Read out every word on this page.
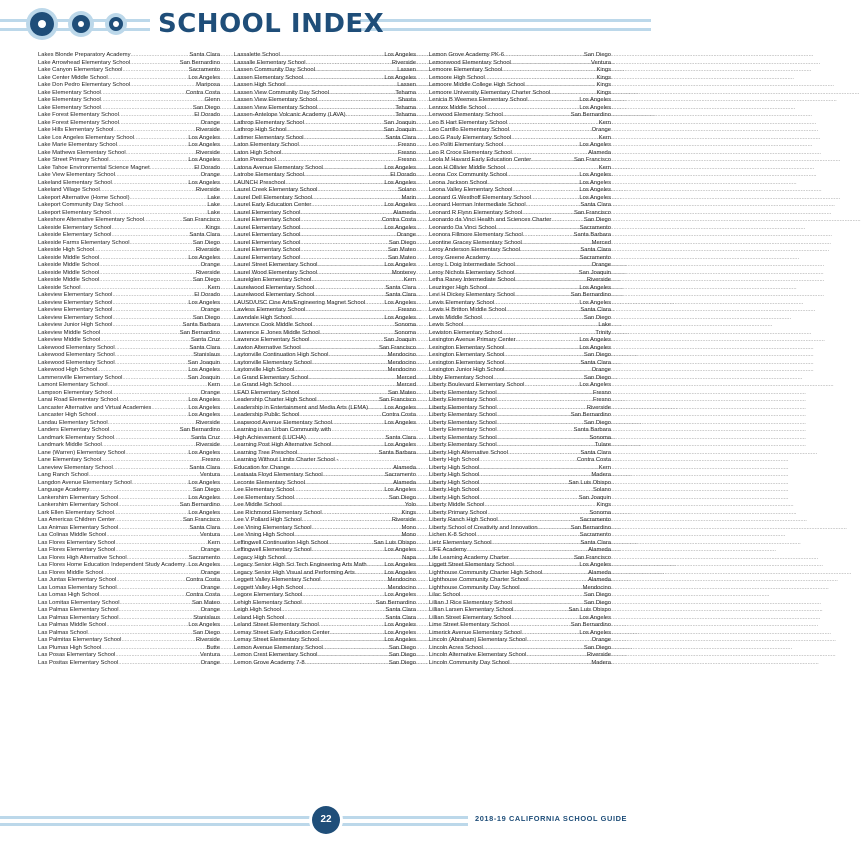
SCHOOL INDEX
Lakes Blonde Preparatory Academy .....	Santa Clara
Lake Arrowhead Elementary School .....	San Bernardino
Lake Canyon Elementary School .....	Sacramento
Lake Center Middle School .....	Los Angeles
Lake Don Pedro Elementary School .....	Mariposa
Lake Elementary School .....	Contra Costa
Lake Elementary School .....	Glenn
Lake Elementary School .....	San Diego
Lake Forest Elementary School .....	El Dorado
Lake Forest Elementary School .....	Orange
Lake Hills Elementary School .....	Riverside
Lake Los Angeles Elementary School .....	Los Angeles
Lake Marie Elementary School .....	Los Angeles
Lake Mathews Elementary School .....	Riverside
Lake Street Primary School .....	Los Angeles
Lake Tahoe Environmental Science Magnet .....	El Dorado
Lake View Elementary School .....	Orange
Lakeland Elementary School .....	Los Angeles
Lakeland Village School .....	Riverside
Lakeport Alternative (Home School) .....	Lake
Lakeport Community Day School .....	Lake
Lakeport Elementary School .....	Lake
Lakeshore Alternative Elementary School .....	San Francisco
Lakeside Elementary School .....	Kings
Lakeside Elementary School .....	Santa Clara
Lakeside Farms Elementary School .....	San Diego
Lakeside High School .....	Riverside
Lakeside Middle School .....	Los Angeles
Lakeside Middle School .....	Orange
Lakeside Middle School .....	Riverside
Lakeside Middle School .....	San Diego
Lakeside School .....	Kern
Lakeview Elementary School .....	El Dorado
Lakeview Elementary School .....	Los Angeles
Lakeview Elementary School .....	Orange
Lakeview Elementary School .....	San Diego
Lakeview Junior High School .....	Santa Barbara
Lakeview Middle School .....	San Bernardino
Lakeview Middle School .....	Santa Cruz
Lakewood Elementary School .....	Santa Clara
Lakewood Elementary School .....	Stanislaus
Lakewood Elementary School .....	San Joaquin
Lakewood High School .....	Los Angeles
Lammersville Elementary School .....	San Joaquin
Lamont Elementary School .....	Kern
Lampson Elementary School .....	Orange
Lanai Road Elementary School .....	Los Angeles
Lancaster Alternative and Virtual Academies .....	Los Angeles
Lancaster High School .....	Los Angeles
Landau Elementary School .....	Riverside
Landers Elementary School .....	San Bernardino
Landmark Elementary School .....	Santa Cruz
Landmark Middle School .....	Riverside
Lane (Warren) Elementary School .....	Los Angeles
Lane Elementary School .....	Fresno
Laneview Elementary School .....	Santa Clara
Lang Ranch School .....	Ventura
Langdon Avenue Elementary School .....	Los Angeles
Language Academy .....	San Diego
Lankershim Elementary School .....	Los Angeles
Lankershim Elementary School .....	San Bernardino
Lark Ellen Elementary School .....	Los Angeles
Las Americas Children Center .....	San Francisco
Las Animas Elementary School .....	Santa Clara
Las Colinas Middle School .....	Ventura
Las Flores Elementary School .....	Kern
Las Flores Elementary School .....	Orange
Las Flores High Alternative School .....	Sacramento
Las Flores Home Education Independent Study Academy ..... Los Angeles
Las Flores Middle School .....	Orange
Las Juntas Elementary School .....	Contra Costa
Las Lomas Elementary School .....	Orange
Las Lomas High School .....	Contra Costa
Las Lomitas Elementary School .....	San Mateo
Las Palmas Elementary School .....	Orange
Las Palmas Elementary School .....	Stanislaus
Las Palmas Middle School .....	Los Angeles
Las Palmas School .....	San Diego
Las Palmitas Elementary School .....	Riverside
Las Plumas High School .....	Butte
Las Posas Elementary School .....	Ventura
Las Positas Elementary School .....	Orange
Lassalette School .....	Los Angeles
Lassalle Elementary School .....	Riverside
Lassen Community Day School .....	Lassen
Lassen Elementary School .....	Los Angeles
Lassen High School .....	Lassen
Lassen View Community Day School .....	Tehama
Lassen View Elementary School .....	Shasta
Lassen View Elementary School .....	Tehama
Lassen-Antelope Volcanic Academy (LAVA) .....	Tehama
Lathrop Elementary School .....	San Joaquin
Lathrop High School .....	San Joaquin
Latimer Elementary School .....	Santa Clara
Laton Elementary School .....	Fresno
Laton High School .....	Fresno
Laton Preschool .....	Fresno
Latona Avenue Elementary School .....	Los Angeles
Latrobe Elementary School .....	El Dorado
LAUNCH Preschool .....	Los Angeles
Laurel Creek Elementary School .....	Solano
Laurel Dell Elementary School .....	Marin
Laurel Early Education Center .....	Los Angeles
Laurel Elementary School .....	Alameda
Laurel Elementary School .....	Contra Costa
Laurel Elementary School .....	Los Angeles
Laurel Elementary School .....	Orange
Laurel Elementary School .....	San Diego
Laurel Elementary School .....	San Mateo
Laurel Elementary School .....	San Mateo
Laurel Street Elementary School .....	Los Angeles
Laurel Wood Elementary School .....	Monterey
Laurelglen Elementary School .....	Kern
Laurelwood Elementary School .....	Santa Clara
Laurelwood Elementary School .....	Santa Clara
LAUSD/USC Cine Arts/Engineering Magnet School .....	Los Angeles
Lawless Elementary School .....	Fresno
Lawndale High School .....	Los Angeles
Lawrence Cook Middle School .....	Sonoma
Lawrence E Jones Middle School .....	Sonoma
Lawrence Elementary School .....	San Joaquin
Lawton Alternative School .....	San Francisco
Laytonville Continuation High School .....	Mendocino
Laytonville Elementary School .....	Mendocino
Laytonville High School .....	Mendocino
Le Grand Elementary School .....	Merced
Le Grand High School .....	Merced
LEAD Elementary School .....	San Mateo
Leadership Charter High School .....	San Francisco
Leadership in Entertainment and Media Arts (LEMA) .....	Los Angeles
Leadership Public School .....	Contra Costa
Leapwood Avenue Elementary School .....	Los Angeles
Learning in an Urban Community with
High Achievement (LUCHA) .....	Santa Clara
Learning Post High Alternative School .....	Los Angeles
Learning Tree Preschool .....	Santa Barbara
Learning Without Limits Charter School -
Education for Change .....	Alameda
Leataata Floyd Elementary School .....	Sacramento
Leconte Elementary School .....	Alameda
Lee Elementary School .....	Los Angeles
Lee Elementary School .....	San Diego
Lee Middle School .....	Yolo
Lee Richmond Elementary School .....	Kings
Lee V Pollard High School .....	Riverside
Lee Vining Elementary School .....	Mono
Lee Vining High School .....	Mono
Leffingwell Continuation High School .....	San Luis Obispo
Leffingwell Elementary School .....	Los Angeles
Legacy High School .....	Napa
Legacy Senior High Sci Tech Engineering Arts Math .....	Los Angeles
Legacy Senior High Visual and Performing Arts .....	Los Angeles
Leggett Valley Elementary School .....	Mendocino
Leggett Valley High School .....	Mendocino
Legore Elementary School .....	Los Angeles
Lehigh Elementary School .....	San Bernardino
Leigh High School .....	Santa Clara
Leland High School .....	Santa Clara
Leland Street Elementary School .....	Los Angeles
Lemay Street Early Education Center .....	Los Angeles
Lemay Street Elementary School .....	Los Angeles
Lemon Avenue Elementary School .....	San Diego
Lemon Crest Elementary School .....	San Diego
Lemon Grove Academy 7-8 .....	San Diego
Lemon Grove Academy PK-6 .....	San Diego
Lemonwood Elementary School .....	Ventura
Lemoore Elementary School .....	Kings
Lemoore High School .....	Kings
Lemoore Middle College High School .....	Kings
Lemoore University Elementary Charter School .....	Kings
Lenicia B Weemes Elementary School .....	Los Angeles
Lennox Middle School .....	Los Angeles
Lenwood Elementary School .....	San Bernardino
Leo B Hart Elementary School .....	Kern
Leo Carrillo Elementary School .....	Orange
Leo G Pauly Elementary School .....	Kern
Leo Politi Elementary School .....	Los Angeles
Leo R Croce Elementary School .....	Alameda
Leola M Havard Early Education Center .....	San Francisco
Leon H Ollivier Middle School .....	Kern
Leona Cox Community School .....	Los Angeles
Leona Jackson School .....	Los Angeles
Leona Valley Elementary School .....	Los Angeles
Leonard G Westhoff Elementary School .....	Los Angeles
Leonard Herman Intermediate School .....	Santa Clara
Leonard R Flynn Elementary School .....	San Francisco
Leonardo da Vinci Health and Sciences Charter .....	San Diego
Leonardo Da Vinci School .....	Sacramento
Leonora Fillmore Elementary School .....	Santa Barbara
Leontine Gracey Elementary School .....	Merced
Leroy Anderson Elementary School .....	Santa Clara
Leroy Greene Academy .....	Sacramento
Leroy L Doig Intermediate School .....	Orange
Leroy Nichols Elementary School .....	San Joaquin
Letha Raney Intermediate School .....	Riverside
Leuzinger High School .....	Los Angeles
Levi H Dickey Elementary School .....	San Bernardino
Lewis Elementary School .....	Los Angeles
Lewis H Britton Middle School .....	Santa Clara
Lewis Middle School .....	San Diego
Lewis School .....	Lake
Lewiston Elementary School .....	Trinity
Lexington Avenue Primary Center .....	Los Angeles
Lexington Elementary School .....	Los Angeles
Lexington Elementary School .....	San Diego
Lexington Elementary School .....	Santa Clara
Lexington Junior High School .....	Orange
Libby Elementary School .....	San Diego
Liberty Boulevard Elementary School .....	Los Angeles
Liberty Elementary School .....	Fresno
Liberty Elementary School .....	Fresno
Liberty Elementary School .....	Riverside
Liberty Elementary School .....	San Bernardino
Liberty Elementary School .....	San Diego
Liberty Elementary School .....	Santa Barbara
Liberty Elementary School .....	Sonoma
Liberty Elementary School .....	Tulare
Liberty High Alternative School .....	Santa Clara
Liberty High School .....	Contra Costa
Liberty High School .....	Kern
Liberty High School .....	Madera
Liberty High School .....	San Luis Obispo
Liberty High School .....	Solano
Liberty High School .....	San Joaquin
Liberty Middle School .....	Kings
Liberty Primary School .....	Sonoma
Liberty Ranch High School .....	Sacramento
Liberty School of Creativity and Innovation .....	San Bernardino
Lichen K-8 School .....	Sacramento
Lietz Elementary School .....	Santa Clara
LIFE Academy .....	Alameda
Life Learning Academy Charter .....	San Francisco
Liggett Street Elementary School .....	Los Angeles
Lighthouse Community Charter High School .....	Alameda
Lighthouse Community Charter School .....	Alameda
Lighthouse Community Day School .....	Mendocino
Lilac School .....	San Diego
Lillian J Rice Elementary School .....	San Diego
Lillian Larsen Elementary School .....	San Luis Obispo
Lillian Street Elementary School .....	Los Angeles
Lime Street Elementary School .....	San Bernardino
Limerick Avenue Elementary School .....	Los Angeles
Lincoln (Abraham) Elementary School .....	Orange
Lincoln Acres School .....	San Diego
Lincoln Alternative Elementary School .....	Riverside
Lincoln Community Day School .....	Madera
22	2018-19 CALIFORNIA SCHOOL GUIDE
